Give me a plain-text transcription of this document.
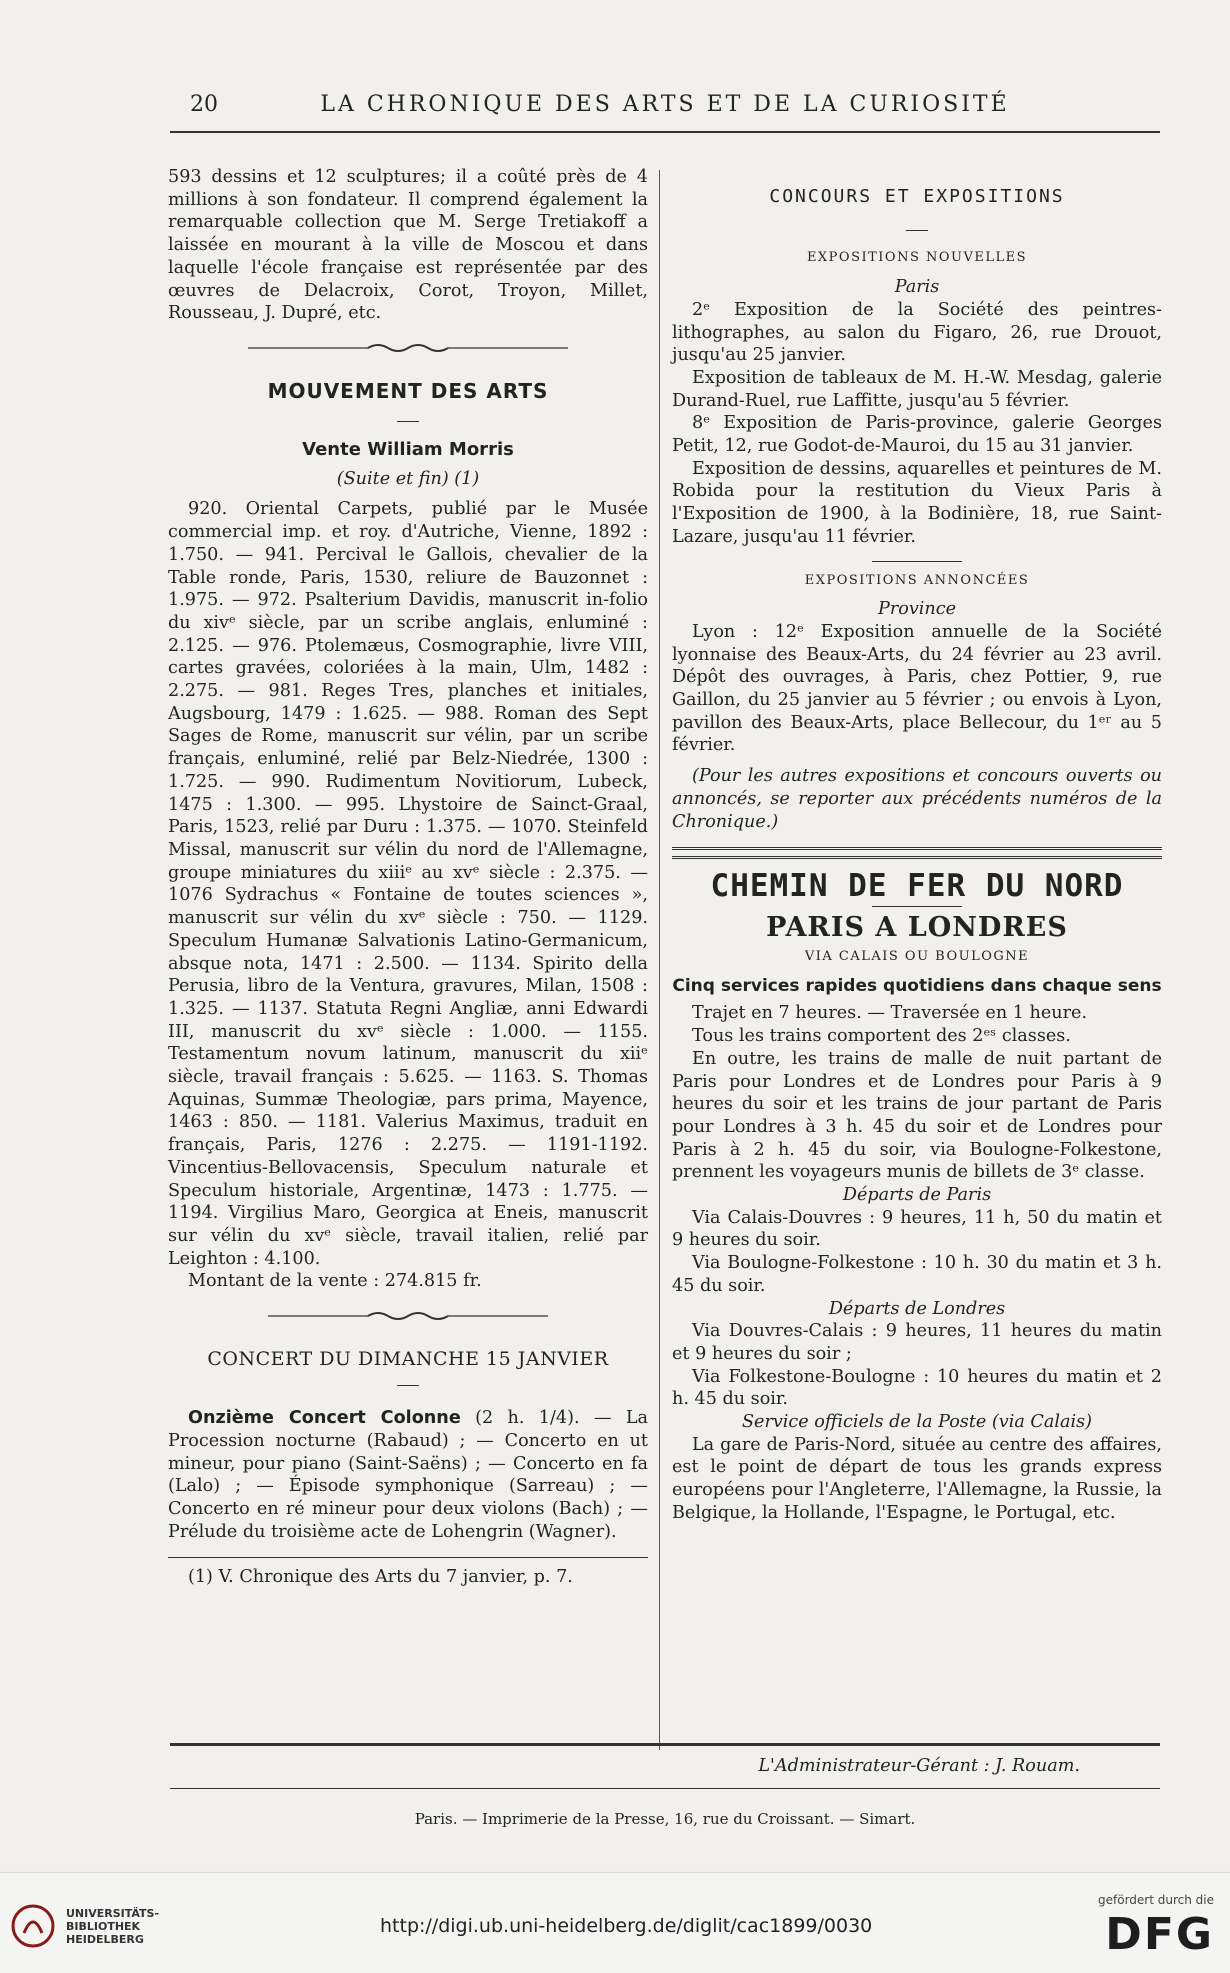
20	LA CHRONIQUE DES ARTS ET DE LA CURIOSITÉ

593 dessins et 12 sculptures; il a coûté près de 4 millions à son fondateur. Il comprend également la remarquable collection que M. Serge Tretiakoff a laissée en mourant à la ville de Moscou et dans laquelle l'école française est représentée par des œuvres de Delacroix, Corot, Troyon, Millet, Rousseau, J. Dupré, etc.

MOUVEMENT DES ARTS
Vente William Morris
(Suite et fin) (1)

920. Oriental Carpets, publié par le Musée commercial imp. et roy. d'Autriche, Vienne, 1892 : 1.750. — 941. Percival le Gallois, chevalier de la Table ronde, Paris, 1530, reliure de Bauzonnet : 1.975. — 972. Psalterium Davidis, manuscrit in-folio du xivᵉ siècle, par un scribe anglais, enluminé : 2.125. — 976. Ptolemæus, Cosmographie, livre VIII, cartes gravées, coloriées à la main, Ulm, 1482 : 2.275. — 981. Reges Tres, planches et initiales, Augsbourg, 1479 : 1.625. — 988. Roman des Sept Sages de Rome, manuscrit sur vélin, par un scribe français, enluminé, relié par Belz-Niedrée, 1300 : 1.725. — 990. Rudimentum Novitiorum, Lubeck, 1475 : 1.300. — 995. Lhystoire de Sainct-Graal, Paris, 1523, relié par Duru : 1.375. — 1070. Steinfeld Missal, manuscrit sur vélin du nord de l'Allemagne, groupe miniatures du xiiiᵉ au xvᵉ siècle : 2.375. — 1076 Sydrachus « Fontaine de toutes sciences », manuscrit sur vélin du xvᵉ siècle : 750. — 1129. Speculum Humanæ Salvationis Latino-Germanicum, absque nota, 1471 : 2.500. — 1134. Spirito della Perusia, libro de la Ventura, gravures, Milan, 1508 : 1.325. — 1137. Statuta Regni Angliæ, anni Edwardi III, manuscrit du xvᵉ siècle : 1.000. — 1155. Testamentum novum latinum, manuscrit du xiiᵉ siècle, travail français : 5.625. — 1163. S. Thomas Aquinas, Summæ Theologiæ, pars prima, Mayence, 1463 : 850. — 1181. Valerius Maximus, traduit en français, Paris, 1276 : 2.275. — 1191-1192. Vincentius-Bellovacensis, Speculum naturale et Speculum historiale, Argentinæ, 1473 : 1.775. — 1194. Virgilius Maro, Georgica at Eneis, manuscrit sur vélin du xvᵉ siècle, travail italien, relié par Leighton : 4.100.

Montant de la vente : 274.815 fr.

CONCERT DU DIMANCHE 15 JANVIER

Onzième Concert Colonne (2 h. 1/4). — La Procession nocturne (Rabaud) ; — Concerto en ut mineur, pour piano (Saint-Saëns) ; — Concerto en fa (Lalo) ; — Épisode symphonique (Sarreau) ; — Concerto en ré mineur pour deux violons (Bach) ; — Prélude du troisième acte de Lohengrin (Wagner).

(1) V. Chronique des Arts du 7 janvier, p. 7.

CONCOURS ET EXPOSITIONS
EXPOSITIONS NOUVELLES
Paris

2ᵉ Exposition de la Société des peintres-lithographes, au salon du Figaro, 26, rue Drouot, jusqu'au 25 janvier.

Exposition de tableaux de M. H.-W. Mesdag, galerie Durand-Ruel, rue Laffitte, jusqu'au 5 février.

8ᵉ Exposition de Paris-province, galerie Georges Petit, 12, rue Godot-de-Mauroi, du 15 au 31 janvier.

Exposition de dessins, aquarelles et peintures de M. Robida pour la restitution du Vieux Paris à l'Exposition de 1900, à la Bodinière, 18, rue Saint-Lazare, jusqu'au 11 février.

EXPOSITIONS ANNONCÉES
Province

Lyon : 12ᵉ Exposition annuelle de la Société lyonnaise des Beaux-Arts, du 24 février au 23 avril. Dépôt des ouvrages, à Paris, chez Pottier, 9, rue Gaillon, du 25 janvier au 5 février ; ou envois à Lyon, pavillon des Beaux-Arts, place Bellecour, du 1ᵉʳ au 5 février.

(Pour les autres expositions et concours ouverts ou annoncés, se reporter aux précédents numéros de la Chronique.)

CHEMIN DE FER DU NORD
PARIS A LONDRES
VIA CALAIS OU BOULOGNE
Cinq services rapides quotidiens dans chaque sens

Trajet en 7 heures. — Traversée en 1 heure.

Tous les trains comportent des 2ᵉˢ classes.

En outre, les trains de malle de nuit partant de Paris pour Londres et de Londres pour Paris à 9 heures du soir et les trains de jour partant de Paris pour Londres à 3 h. 45 du soir et de Londres pour Paris à 2 h. 45 du soir, via Boulogne-Folkestone, prennent les voyageurs munis de billets de 3ᵉ classe.

Départs de Paris

Via Calais-Douvres : 9 heures, 11 h, 50 du matin et 9 heures du soir.

Via Boulogne-Folkestone : 10 h. 30 du matin et 3 h. 45 du soir.

Départs de Londres

Via Douvres-Calais : 9 heures, 11 heures du matin et 9 heures du soir ;

Via Folkestone-Boulogne : 10 heures du matin et 2 h. 45 du soir.

Service officiels de la Poste (via Calais)

La gare de Paris-Nord, située au centre des affaires, est le point de départ de tous les grands express européens pour l'Angleterre, l'Allemagne, la Russie, la Belgique, la Hollande, l'Espagne, le Portugal, etc.

L'Administrateur-Gérant : J. Rouam.
Paris. — Imprimerie de la Presse, 16, rue du Croissant. — Simart.
UNIVERSITÄTS-
BIBLIOTHEK
HEIDELBERG
http://digi.ub.uni-heidelberg.de/diglit/cac1899/0030
gefördert durch die
DFG
